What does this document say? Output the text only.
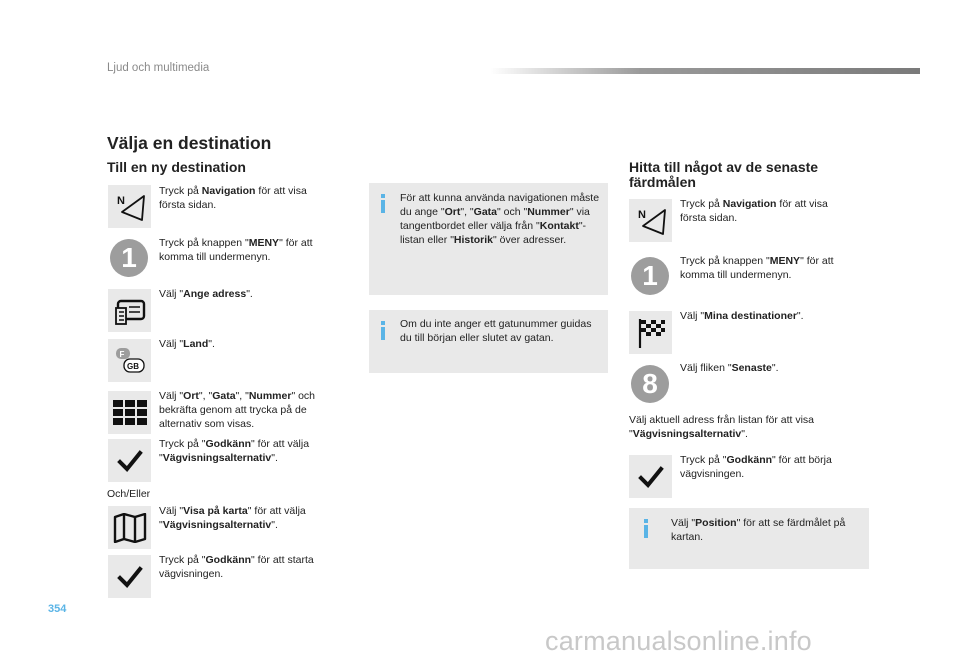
Ljud och multimedia
Välja en destination
Till en ny destination
N
Tryck på Navigation för att visa första sidan.
1	Tryck på knappen "MENY" för att komma till undermenyn.
Välj "Ange adress".
F
GB
Välj "Land".
Välj "Ort", "Gata", "Nummer" och bekräfta genom att trycka på de alternativ som visas.
Tryck på "Godkänn" för att välja "Vägvisningsalternativ".
Och/Eller
Välj "Visa på karta" för att välja "Vägvisningsalternativ".
Tryck på "Godkänn" för att starta vägvisningen.
För att kunna använda navigationen måste du ange "Ort", "Gata" och "Nummer" via tangentbordet eller välja från "Kontakt"-listan eller "Historik" över adresser.
Om du inte anger ett gatunummer guidas du till början eller slutet av gatan.
Hitta till något av de senaste färdmålen
N
Tryck på Navigation för att visa första sidan.
1	Tryck på knappen "MENY" för att komma till undermenyn.
Välj "Mina destinationer".
8	Välj fliken "Senaste".
Välj aktuell adress från listan för att visa "Vägvisningsalternativ".
Tryck på "Godkänn" för att börja vägvisningen.
Välj "Position" för att se färdmålet på kartan.
354
carmanualsonline.info
